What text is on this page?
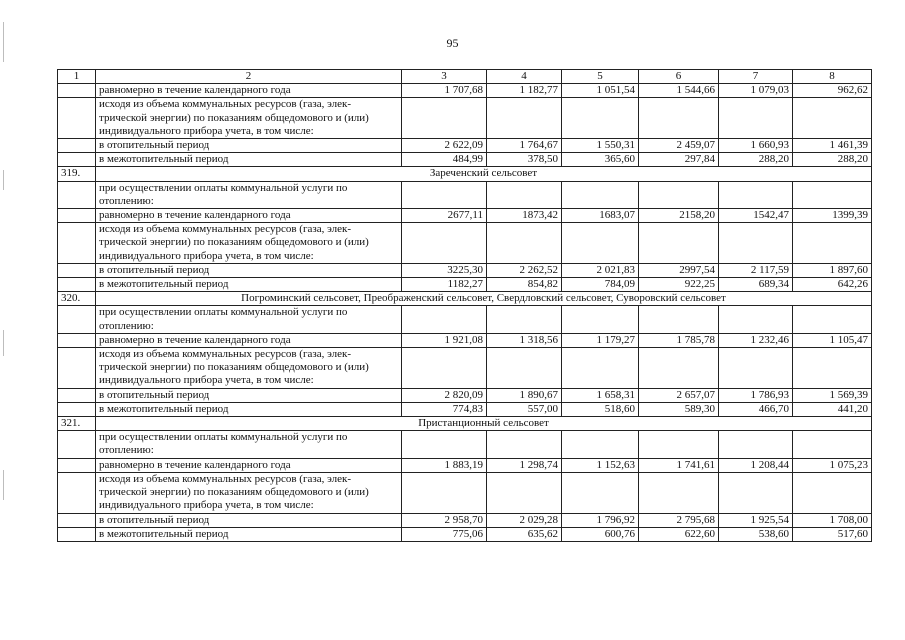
95
1	2	3	4	5	6	7	8
	равномерно в течение календарного года	1 707,68	1 182,77	1 051,54	1 544,66	1 079,03	962,62
	исходя из объема коммунальных ресурсов (газа, элек-трической энергии) по показаниям общедомового и (или) индивидуального прибора учета, в том числе:						
	в отопительный период	2 622,09	1 764,67	1 550,31	2 459,07	1 660,93	1 461,39
	в межотопительный период	484,99	378,50	365,60	297,84	288,20	288,20
319.	Зареченский сельсовет						
	при осуществлении оплаты коммунальной услуги по отоплению:						
	равномерно в течение календарного года	2677,11	1873,42	1683,07	2158,20	1542,47	1399,39
	исходя из объема коммунальных ресурсов (газа, элек-трической энергии) по показаниям общедомового и (или) индивидуального прибора учета, в том числе:						
	в отопительный период	3225,30	2 262,52	2 021,83	2997,54	2 117,59	1 897,60
	в межотопительный период	1182,27	854,82	784,09	922,25	689,34	642,26
320.	Погроминский сельсовет, Преображенский сельсовет, Свердловский сельсовет, Суворовский сельсовет						
	при осуществлении оплаты коммунальной услуги по отоплению:						
	равномерно в течение календарного года	1 921,08	1 318,56	1 179,27	1 785,78	1 232,46	1 105,47
	исходя из объема коммунальных ресурсов (газа, элек-трической энергии) по показаниям общедомового и (или) индивидуального прибора учета, в том числе:						
	в отопительный период	2 820,09	1 890,67	1 658,31	2 657,07	1 786,93	1 569,39
	в межотопительный период	774,83	557,00	518,60	589,30	466,70	441,20
321.	Пристанционный сельсовет						
	при осуществлении оплаты коммунальной услуги по отоплению:						
	равномерно в течение календарного года	1 883,19	1 298,74	1 152,63	1 741,61	1 208,44	1 075,23
	исходя из объема коммунальных ресурсов (газа, элек-трической энергии) по показаниям общедомового и (или) индивидуального прибора учета, в том числе:						
	в отопительный период	2 958,70	2 029,28	1 796,92	2 795,68	1 925,54	1 708,00
	в межотопительный период	775,06	635,62	600,76	622,60	538,60	517,60
